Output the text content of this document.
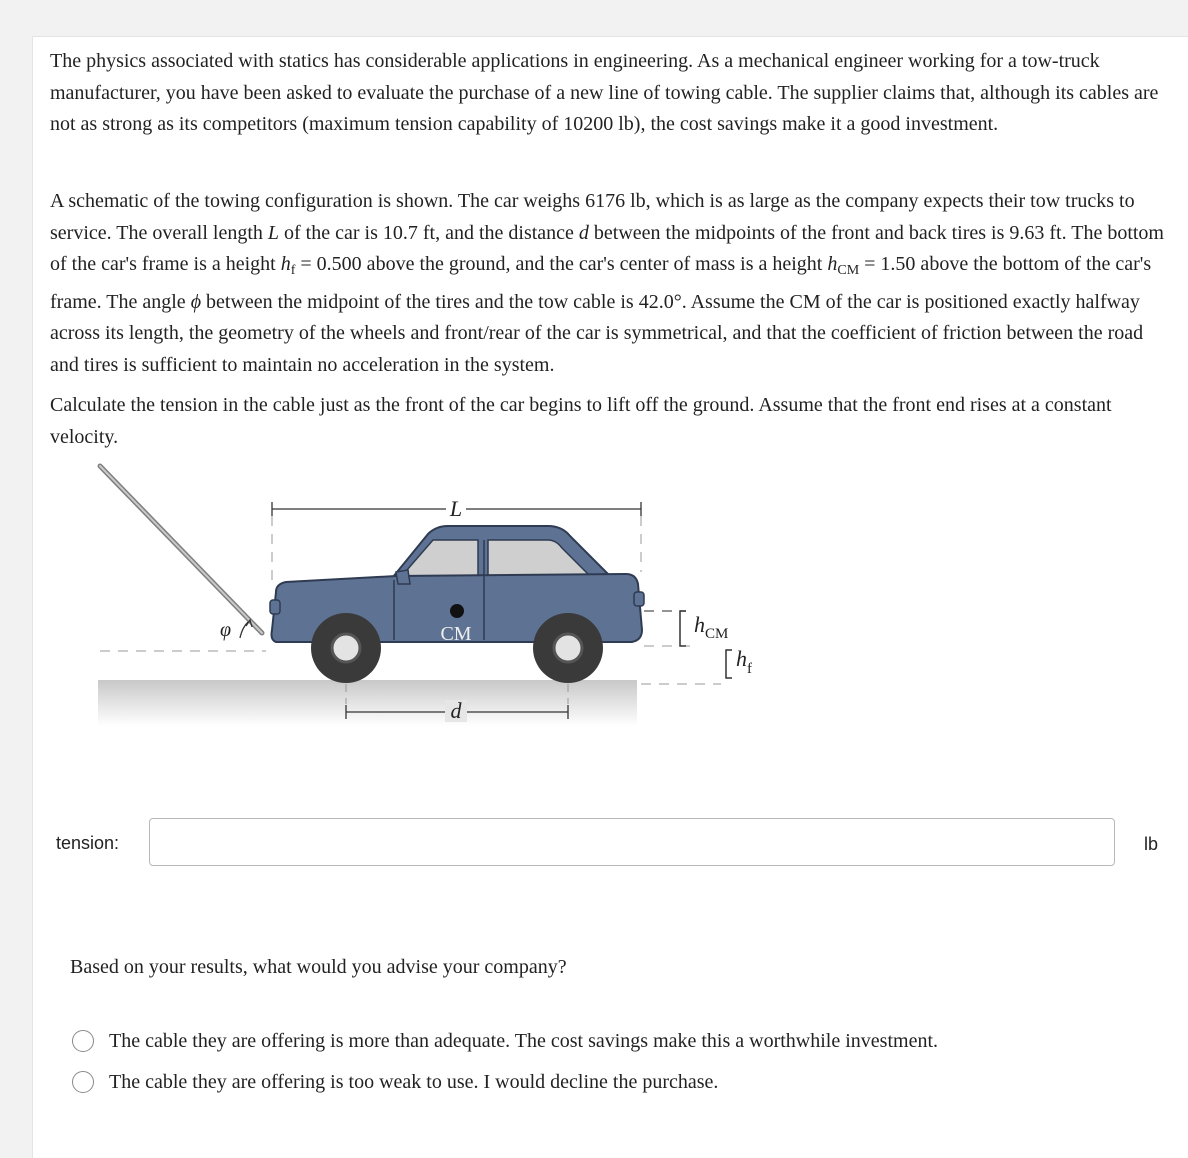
The physics associated with statics has considerable applications in engineering. As a mechanical engineer working for a tow-truck manufacturer, you have been asked to evaluate the purchase of a new line of towing cable. The supplier claims that, although its cables are not as strong as its competitors (maximum tension capability of 10200 lb), the cost savings make it a good investment.

A schematic of the towing configuration is shown. The car weighs 6176 lb, which is as large as the company expects their tow trucks to service. The overall length L of the car is 10.7 ft, and the distance d between the midpoints of the front and back tires is 9.63 ft. The bottom of the car's frame is a height $h_f = 0.500$ above the ground, and the car's center of mass is a height $h_{CM} = 1.50$ above the bottom of the car's frame. The angle ϕ between the midpoint of the tires and the tow cable is 42.0°. Assume the CM of the car is positioned exactly halfway across its length, the geometry of the wheels and front/rear of the car is symmetrical, and that the coefficient of friction between the road and tires is sufficient to maintain no acceleration in the system.

Calculate the tension in the cable just as the front of the car begins to lift off the ground. Assume that the front end rises at a constant velocity.

L
CM
φ
d
$h_{CM}$
$h_f$
tension:	lb
Based on your results, what would you advise your company?
The cable they are offering is more than adequate. The cost savings make this a worthwhile investment.
The cable they are offering is too weak to use. I would decline the purchase.
